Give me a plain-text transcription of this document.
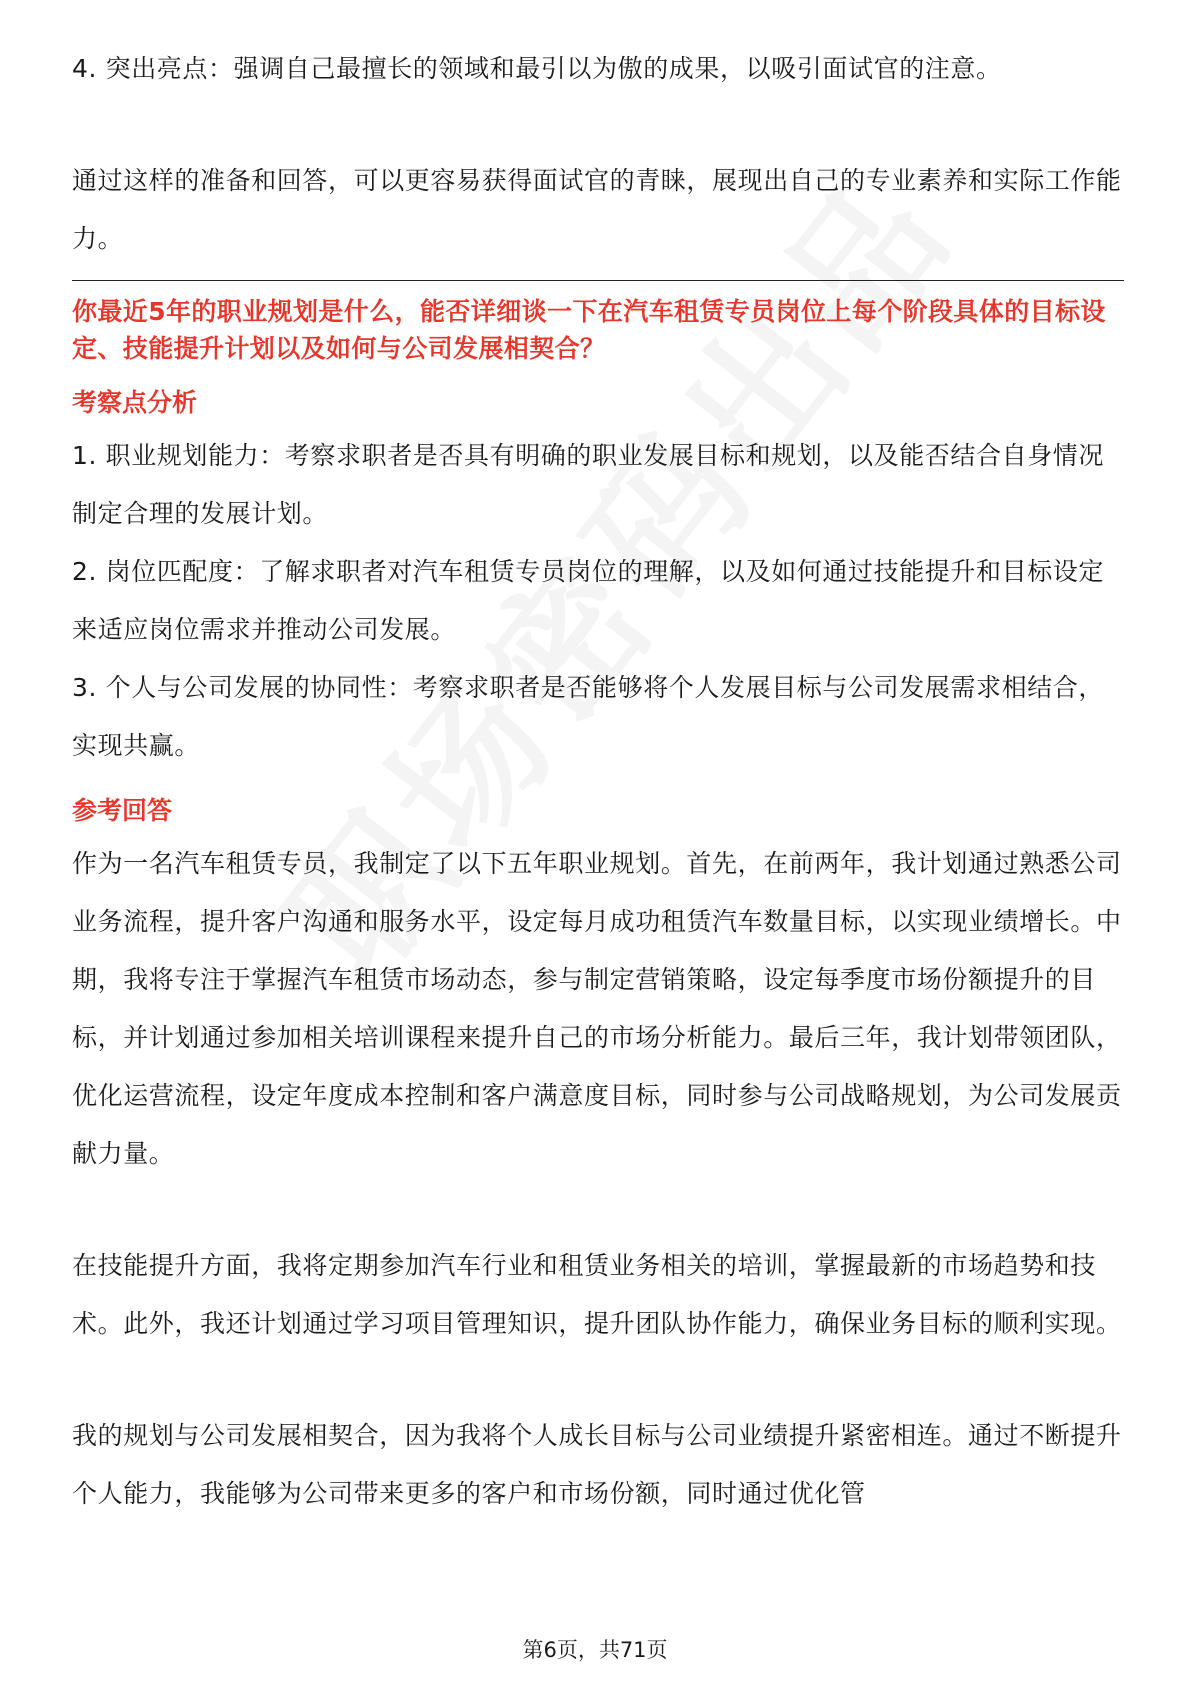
4. 突出亮点：强调自己最擅长的领域和最引以为傲的成果，以吸引面试官的注意。

通过这样的准备和回答，可以更容易获得面试官的青睐，展现出自己的专业素养和实际工作能力。

你最近5年的职业规划是什么，能否详细谈一下在汽车租赁专员岗位上每个阶段具体的目标设定、技能提升计划以及如何与公司发展相契合？

考察点分析

1. 职业规划能力：考察求职者是否具有明确的职业发展目标和规划，以及能否结合自身情况制定合理的发展计划。

2. 岗位匹配度：了解求职者对汽车租赁专员岗位的理解，以及如何通过技能提升和目标设定来适应岗位需求并推动公司发展。

3. 个人与公司发展的协同性：考察求职者是否能够将个人发展目标与公司发展需求相结合，实现共赢。

参考回答

作为一名汽车租赁专员，我制定了以下五年职业规划。首先，在前两年，我计划通过熟悉公司业务流程，提升客户沟通和服务水平，设定每月成功租赁汽车数量目标，以实现业绩增长。中期，我将专注于掌握汽车租赁市场动态，参与制定营销策略，设定每季度市场份额提升的目标，并计划通过参加相关培训课程来提升自己的市场分析能力。最后三年，我计划带领团队，优化运营流程，设定年度成本控制和客户满意度目标，同时参与公司战略规划，为公司发展贡献力量。

在技能提升方面，我将定期参加汽车行业和租赁业务相关的培训，掌握最新的市场趋势和技术。此外，我还计划通过学习项目管理知识，提升团队协作能力，确保业务目标的顺利实现。

我的规划与公司发展相契合，因为我将个人成长目标与公司业绩提升紧密相连。通过不断提升个人能力，我能够为公司带来更多的客户和市场份额，同时通过优化管

第6页，共71页
